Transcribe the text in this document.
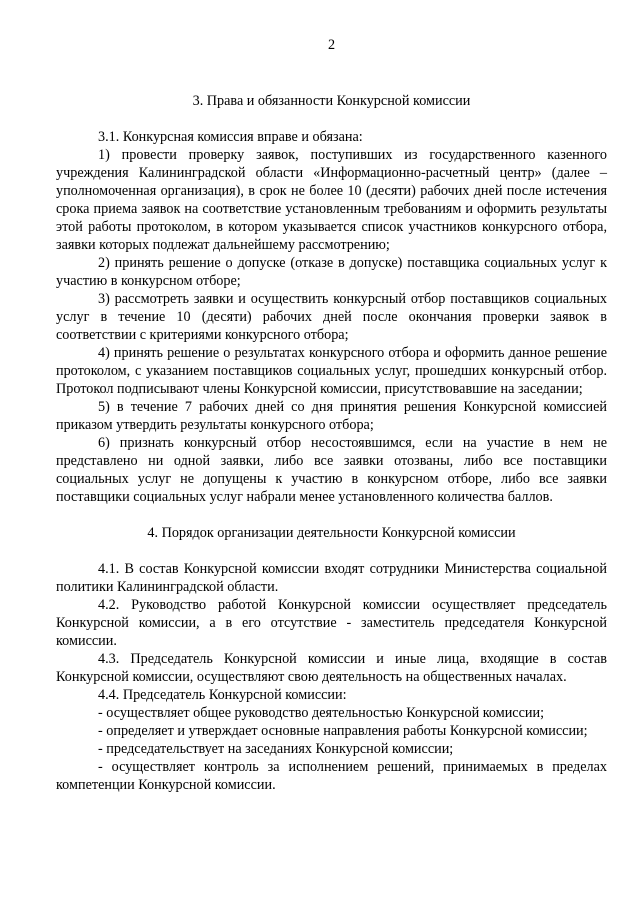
2
3. Права и обязанности Конкурсной комиссии

3.1. Конкурсная комиссия вправе и обязана:

1) провести проверку заявок, поступивших из государственного казенного учреждения Калининградской области «Информационно-расчетный центр» (далее – уполномоченная организация), в срок не более 10 (десяти) рабочих дней после истечения срока приема заявок на соответствие установленным требованиям и оформить результаты этой работы протоколом, в котором указывается список участников конкурсного отбора, заявки которых подлежат дальнейшему рассмотрению;

2) принять решение о допуске (отказе в допуске) поставщика социальных услуг к участию в конкурсном отборе;

3) рассмотреть заявки и осуществить конкурсный отбор поставщиков социальных услуг в течение 10 (десяти) рабочих дней после окончания проверки заявок в соответствии с критериями конкурсного отбора;

4) принять решение о результатах конкурсного отбора и оформить данное решение протоколом, с указанием поставщиков социальных услуг, прошедших конкурсный отбор. Протокол подписывают члены Конкурсной комиссии, присутствовавшие на заседании;

5) в течение 7 рабочих дней со дня принятия решения Конкурсной комиссией приказом утвердить результаты конкурсного отбора;

6) признать конкурсный отбор несостоявшимся, если на участие в нем не представлено ни одной заявки, либо все заявки отозваны, либо все поставщики социальных услуг не допущены к участию в конкурсном отборе, либо все заявки поставщики социальных услуг набрали менее установленного количества баллов.

4. Порядок организации деятельности Конкурсной комиссии

4.1. В состав Конкурсной комиссии входят сотрудники Министерства социальной политики Калининградской области.

4.2. Руководство работой Конкурсной комиссии осуществляет председатель Конкурсной комиссии, а в его отсутствие - заместитель председателя Конкурсной комиссии.

4.3. Председатель Конкурсной комиссии и иные лица, входящие в состав Конкурсной комиссии, осуществляют свою деятельность на общественных началах.

4.4. Председатель Конкурсной комиссии:

- осуществляет общее руководство деятельностью Конкурсной комиссии;

- определяет и утверждает основные направления работы Конкурсной комиссии;

- председательствует на заседаниях Конкурсной комиссии;

- осуществляет контроль за исполнением решений, принимаемых в пределах компетенции Конкурсной комиссии.
